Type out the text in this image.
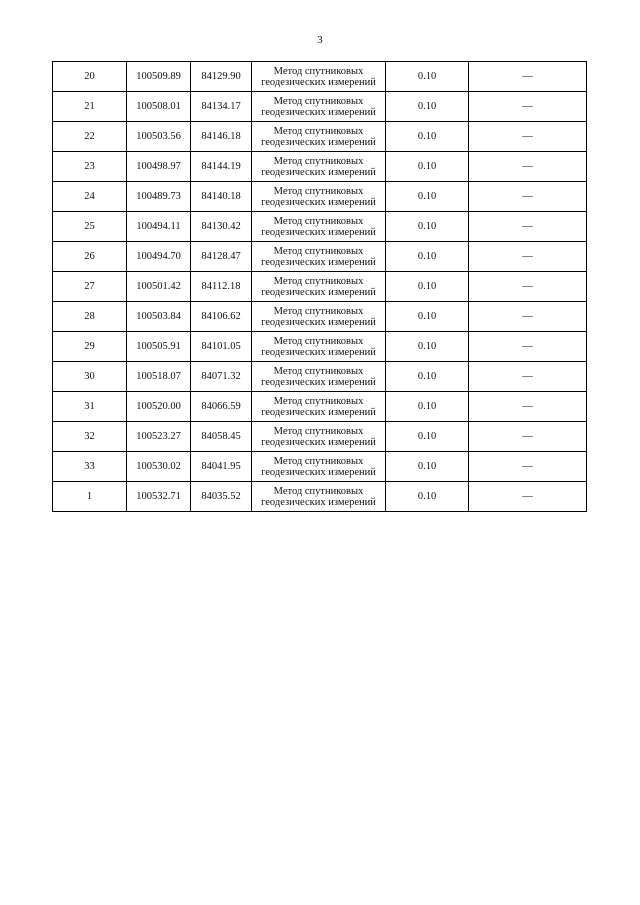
3
20	100509.89	84129.90	Метод спутниковых
геодезических измерений	0.10	—
21	100508.01	84134.17	Метод спутниковых
геодезических измерений	0.10	—
22	100503.56	84146.18	Метод спутниковых
геодезических измерений	0.10	—
23	100498.97	84144.19	Метод спутниковых
геодезических измерений	0.10	—
24	100489.73	84140.18	Метод спутниковых
геодезических измерений	0.10	—
25	100494.11	84130.42	Метод спутниковых
геодезических измерений	0.10	—
26	100494.70	84128.47	Метод спутниковых
геодезических измерений	0.10	—
27	100501.42	84112.18	Метод спутниковых
геодезических измерений	0.10	—
28	100503.84	84106.62	Метод спутниковых
геодезических измерений	0.10	—
29	100505.91	84101.05	Метод спутниковых
геодезических измерений	0.10	—
30	100518.07	84071.32	Метод спутниковых
геодезических измерений	0.10	—
31	100520.00	84066.59	Метод спутниковых
геодезических измерений	0.10	—
32	100523.27	84058.45	Метод спутниковых
геодезических измерений	0.10	—
33	100530.02	84041.95	Метод спутниковых
геодезических измерений	0.10	—
1	100532.71	84035.52	Метод спутниковых
геодезических измерений	0.10	—
